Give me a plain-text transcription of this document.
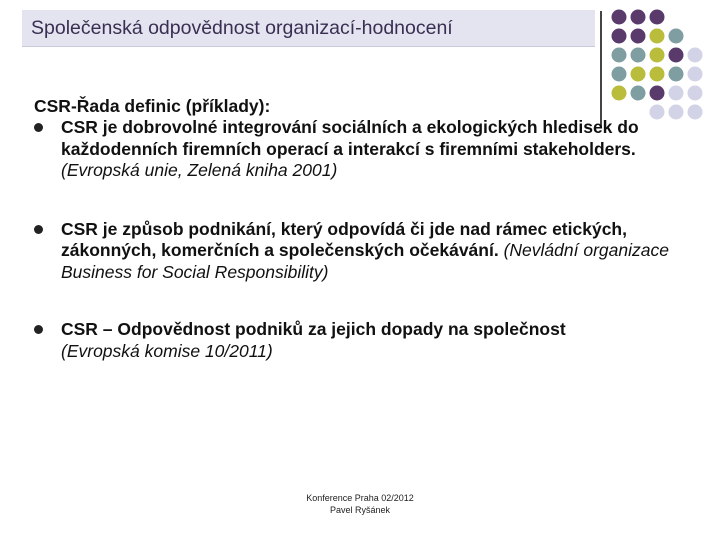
Společenská odpovědnost organizací-hodnocení
CSR-Řada definic (příklady):
CSR je dobrovolné integrování sociálních a ekologických hledisek do každodenních firemních operací a interakcí s firemními stakeholders. (Evropská unie, Zelená kniha 2001)
CSR je způsob podnikání, který odpovídá či jde nad rámec etických, zákonných, komerčních a společenských očekávání. (Nevládní organizace Business for Social Responsibility)
CSR – Odpovědnost podniků za jejich dopady na společnost
(Evropská komise 10/2011)
Konference Praha 02/2012
Pavel Ryšánek
